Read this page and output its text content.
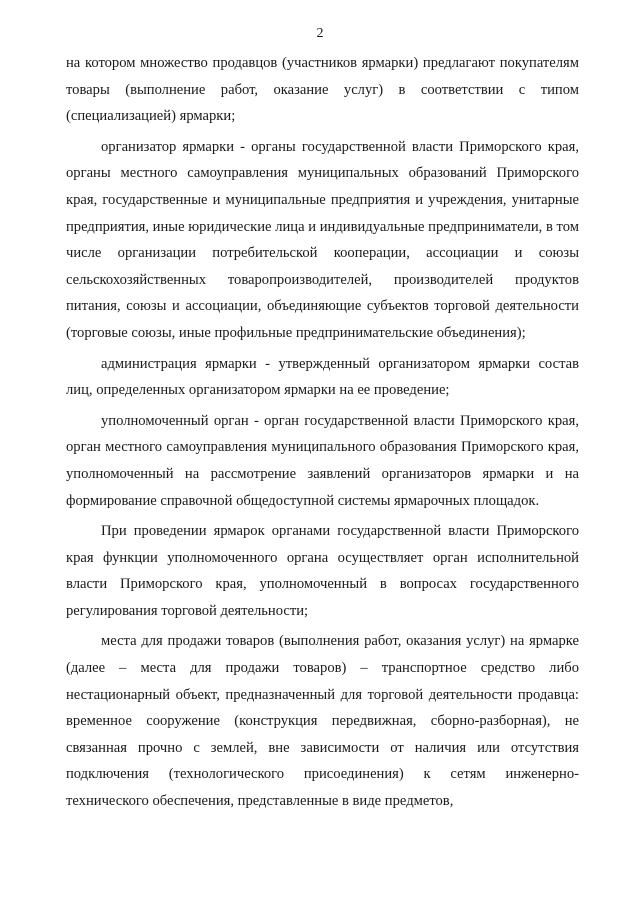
2

на котором множество продавцов (участников ярмарки) предлагают покупателям товары (выполнение работ, оказание услуг) в соответствии с типом (специализацией) ярмарки;

организатор ярмарки - органы государственной власти Приморского края, органы местного самоуправления муниципальных образований Приморского края, государственные и муниципальные предприятия и учреждения, унитарные предприятия, иные юридические лица и индивидуальные предприниматели, в том числе организации потребительской кооперации, ассоциации и союзы сельскохозяйственных товаропроизводителей, производителей продуктов питания, союзы и ассоциации, объединяющие субъектов торговой деятельности (торговые союзы, иные профильные предпринимательские объединения);

администрация ярмарки - утвержденный организатором ярмарки состав лиц, определенных организатором ярмарки на ее проведение;

уполномоченный орган - орган государственной власти Приморского края, орган местного самоуправления муниципального образования Приморского края, уполномоченный на рассмотрение заявлений организаторов ярмарки и на формирование справочной общедоступной системы ярмарочных площадок.

При проведении ярмарок органами государственной власти Приморского края функции уполномоченного органа осуществляет орган исполнительной власти Приморского края, уполномоченный в вопросах государственного регулирования торговой деятельности;

места для продажи товаров (выполнения работ, оказания услуг) на ярмарке (далее – места для продажи товаров) – транспортное средство либо нестационарный объект, предназначенный для торговой деятельности продавца: временное сооружение (конструкция передвижная, сборно-разборная), не связанная прочно с землей, вне зависимости от наличия или отсутствия подключения (технологического присоединения) к сетям инженерно-технического обеспечения, представленные в виде предметов,
